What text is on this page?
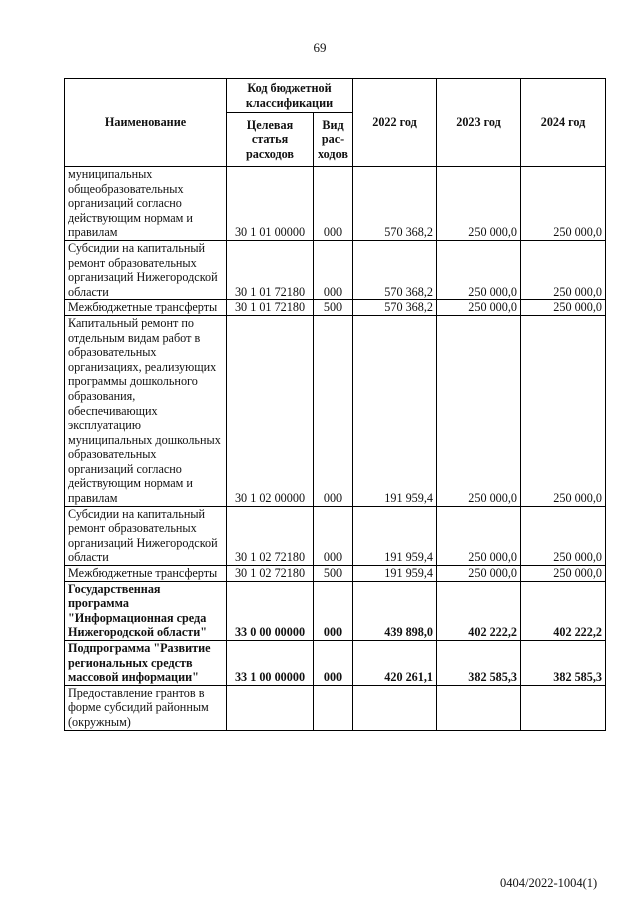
69
Наименование	Код бюджетной классификации		2022 год	2023 год	2024 год
	Целевая статья расходов	Вид рас-ходов			
муниципальных общеобразовательных организаций согласно действующим нормам и правилам	30 1 01 00000	000	570 368,2	250 000,0	250 000,0
Субсидии на капитальный ремонт образовательных организаций Нижегородской области	30 1 01 72180	000	570 368,2	250 000,0	250 000,0
Межбюджетные трансферты	30 1 01 72180	500	570 368,2	250 000,0	250 000,0
Капитальный ремонт по отдельным видам работ в образовательных организациях, реализующих программы дошкольного образования, обеспечивающих эксплуатацию муниципальных дошкольных образовательных организаций согласно действующим нормам и правилам	30 1 02 00000	000	191 959,4	250 000,0	250 000,0
Субсидии на капитальный ремонт образовательных организаций Нижегородской области	30 1 02 72180	000	191 959,4	250 000,0	250 000,0
Межбюджетные трансферты	30 1 02 72180	500	191 959,4	250 000,0	250 000,0
Государственная программа "Информационная среда Нижегородской области"	33 0 00 00000	000	439 898,0	402 222,2	402 222,2
Подпрограмма "Развитие региональных средств массовой информации"	33 1 00 00000	000	420 261,1	382 585,3	382 585,3
Предоставление грантов в форме субсидий районным (окружным)					
0404/2022-1004(1)
